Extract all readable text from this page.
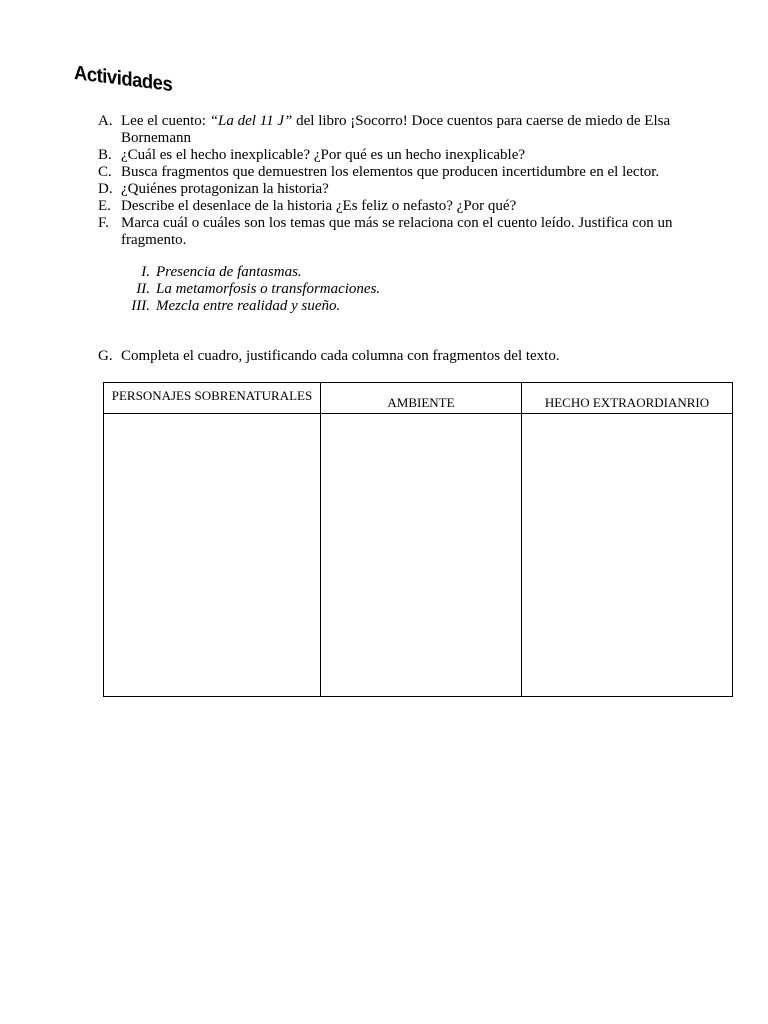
Actividades
A. Lee el cuento: “La del 11 J” del libro ¡Socorro! Doce cuentos para caerse de miedo de Elsa Bornemann
B. ¿Cuál es el hecho inexplicable? ¿Por qué es un hecho inexplicable?
C. Busca fragmentos que demuestren los elementos que producen incertidumbre en el lector.
D. ¿Quiénes protagonizan la historia?
E. Describe el desenlace de la historia ¿Es feliz o nefasto? ¿Por qué?
F. Marca cuál o cuáles son los temas que más se relaciona con el cuento leído. Justifica con un fragmento.
I. Presencia de fantasmas.
II. La metamorfosis o transformaciones.
III. Mezcla entre realidad y sueño.
G. Completa el cuadro, justificando cada columna con fragmentos del texto.
PERSONAJES SOBRENATURALES	AMBIENTE	HECHO EXTRAORDIANRIO
